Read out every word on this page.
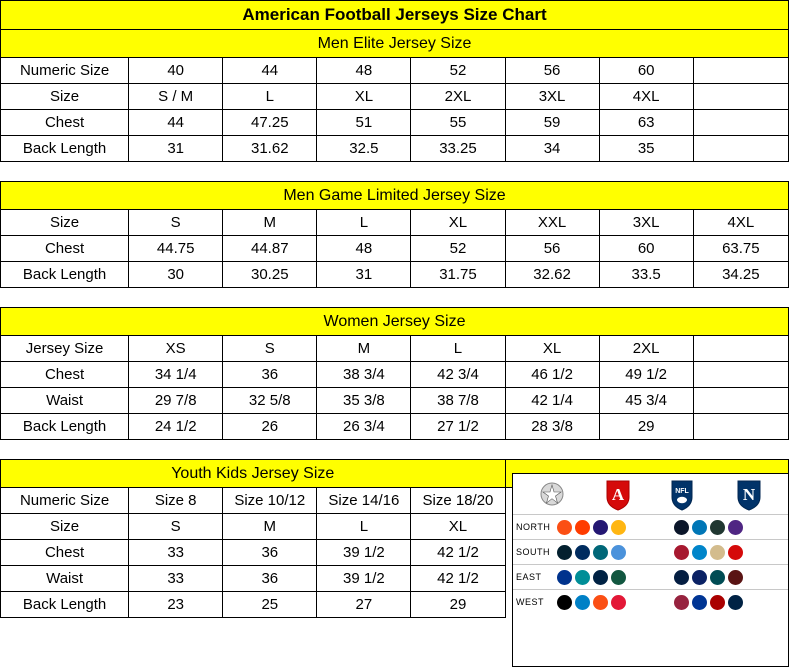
American Football Jerseys Size Chart							
Men Elite Jersey Size							
Numeric Size	40	44	48	52	56	60	
Size	S / M	L	XL	2XL	3XL	4XL	
Chest	44	47.25	51	55	59	63	
Back Length	31	31.62	32.5	33.25	34	35	

Men Game Limited Jersey Size							
Size	S	M	L	XL	XXL	3XL	4XL
Chest	44.75	44.87	48	52	56	60	63.75
Back Length	30	30.25	31	31.75	32.62	33.5	34.25

Women Jersey Size							
Jersey Size	XS	S	M	L	XL	2XL	
Chest	34 1/4	36	38 3/4	42 3/4	46 1/2	49 1/2	
Waist	29 7/8	32 5/8	35 3/8	38 7/8	42 1/4	45 3/4	
Back Length	24 1/2	26	26 3/4	27 1/2	28 3/8	29	

Youth Kids Jersey Size							
Numeric Size	Size 8	Size 10/12	Size 14/16	Size 18/20			
Size	S	M	L	XL			
Chest	33	36	39 1/2	42 1/2			
Waist	33	36	39 1/2	42 1/2			
Back Length	23	25	27	29			
A	NFL	N
NORTH
SOUTH
EAST
WEST
